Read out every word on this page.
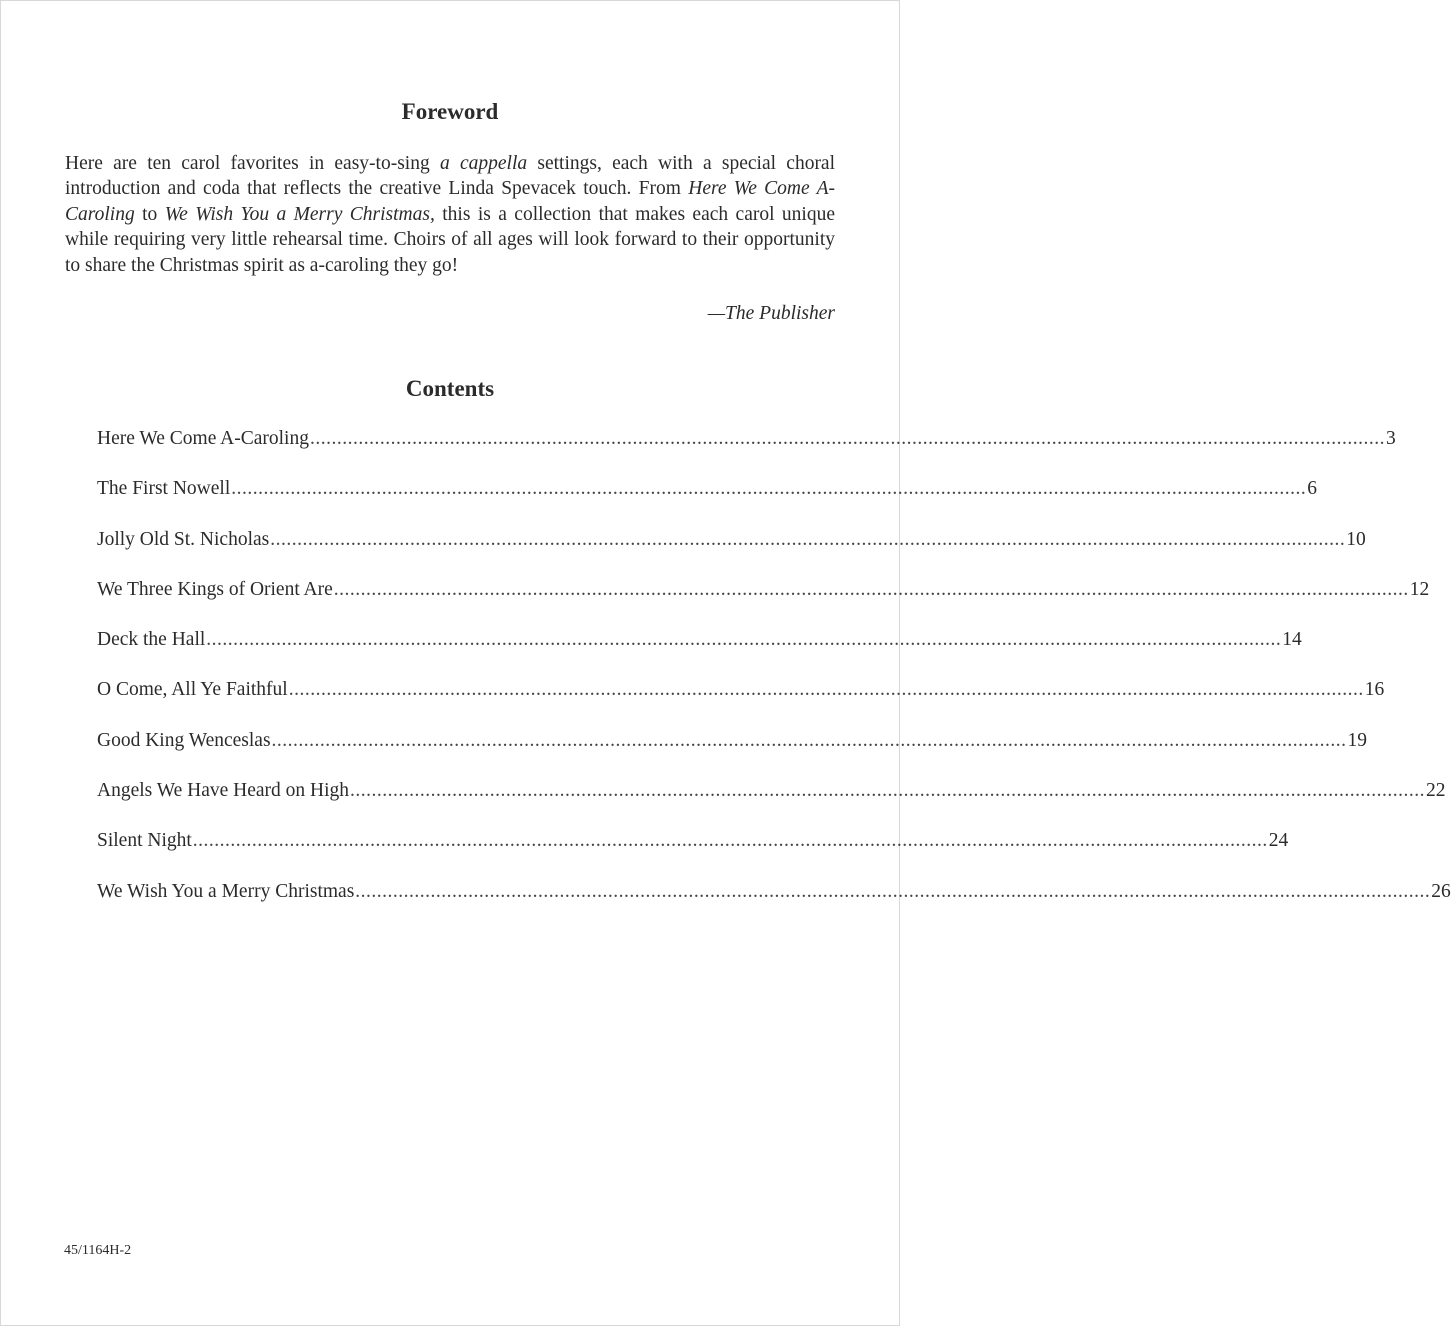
Foreword

Here are ten carol favorites in easy-to-sing a cappella settings, each with a special choral introduction and coda that reflects the creative Linda Spevacek touch. From Here We Come A-Caroling to We Wish You a Merry Christmas, this is a collection that makes each carol unique while requiring very little rehearsal time. Choirs of all ages will look forward to their opportunity to share the Christmas spirit as a-caroling they go!

—The Publisher
Contents
Here We Come A-Caroling ........................................................................................................................................................................................................ 3
The First Nowell ........................................................................................................................................................................................................ 6
Jolly Old St. Nicholas ........................................................................................................................................................................................................ 10
We Three Kings of Orient Are ........................................................................................................................................................................................................ 12
Deck the Hall ........................................................................................................................................................................................................ 14
O Come, All Ye Faithful ........................................................................................................................................................................................................ 16
Good King Wenceslas ........................................................................................................................................................................................................ 19
Angels We Have Heard on High ........................................................................................................................................................................................................ 22
Silent Night ........................................................................................................................................................................................................ 24
We Wish You a Merry Christmas ........................................................................................................................................................................................................ 26
45/1164H-2
